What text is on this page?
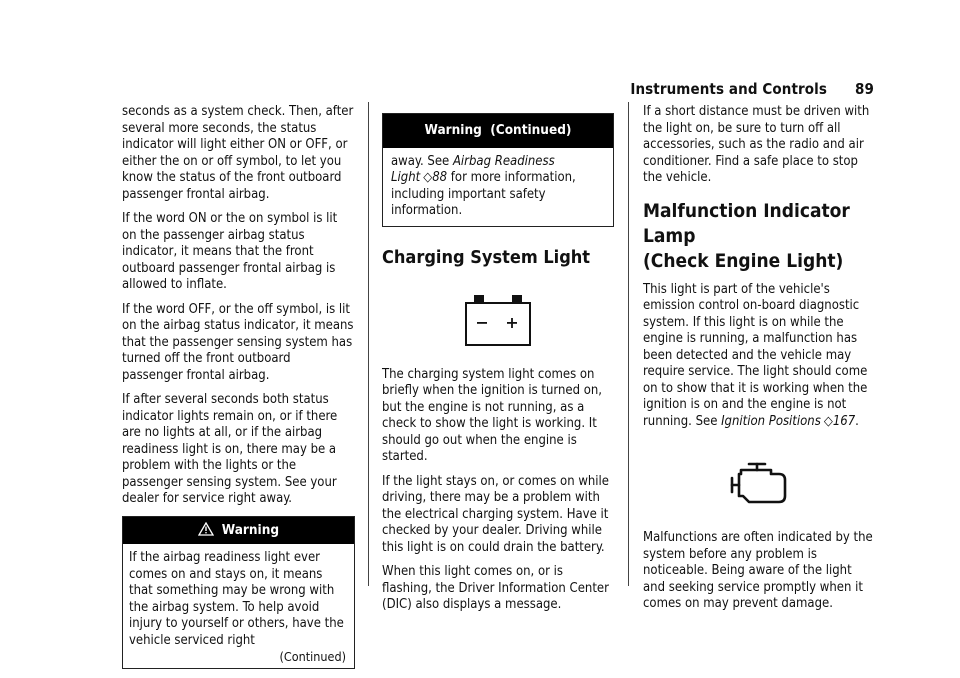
Instruments and Controls 89

seconds as a system check. Then, after several more seconds, the status indicator will light either ON or OFF, or either the on or off symbol, to let you know the status of the front outboard passenger frontal airbag.

If the word ON or the on symbol is lit on the passenger airbag status indicator, it means that the front outboard passenger frontal airbag is allowed to inflate.

If the word OFF, or the off symbol, is lit on the airbag status indicator, it means that the passenger sensing system has turned off the front outboard passenger frontal airbag.

If after several seconds both status indicator lights remain on, or if there are no lights at all, or if the airbag readiness light is on, there may be a problem with the lights or the passenger sensing system. See your dealer for service right away.

Warning

If the airbag readiness light ever comes on and stays on, it means that something may be wrong with the airbag system. To help avoid injury to yourself or others, have the vehicle serviced right

(Continued)
Warning  (Continued)

away. See Airbag Readiness Light ◇88 for more information, including important safety information.

Charging System Light

The charging system light comes on briefly when the ignition is turned on, but the engine is not running, as a check to show the light is working. It should go out when the engine is started.

If the light stays on, or comes on while driving, there may be a problem with the electrical charging system. Have it checked by your dealer. Driving while this light is on could drain the battery.

When this light comes on, or is flashing, the Driver Information Center (DIC) also displays a message.

If a short distance must be driven with the light on, be sure to turn off all accessories, such as the radio and air conditioner. Find a safe place to stop the vehicle.

Malfunction Indicator Lamp
(Check Engine Light)

This light is part of the vehicle's emission control on-board diagnostic system. If this light is on while the engine is running, a malfunction has been detected and the vehicle may require service. The light should come on to show that it is working when the ignition is on and the engine is not running. See Ignition Positions ◇167.

Malfunctions are often indicated by the system before any problem is noticeable. Being aware of the light and seeking service promptly when it comes on may prevent damage.
